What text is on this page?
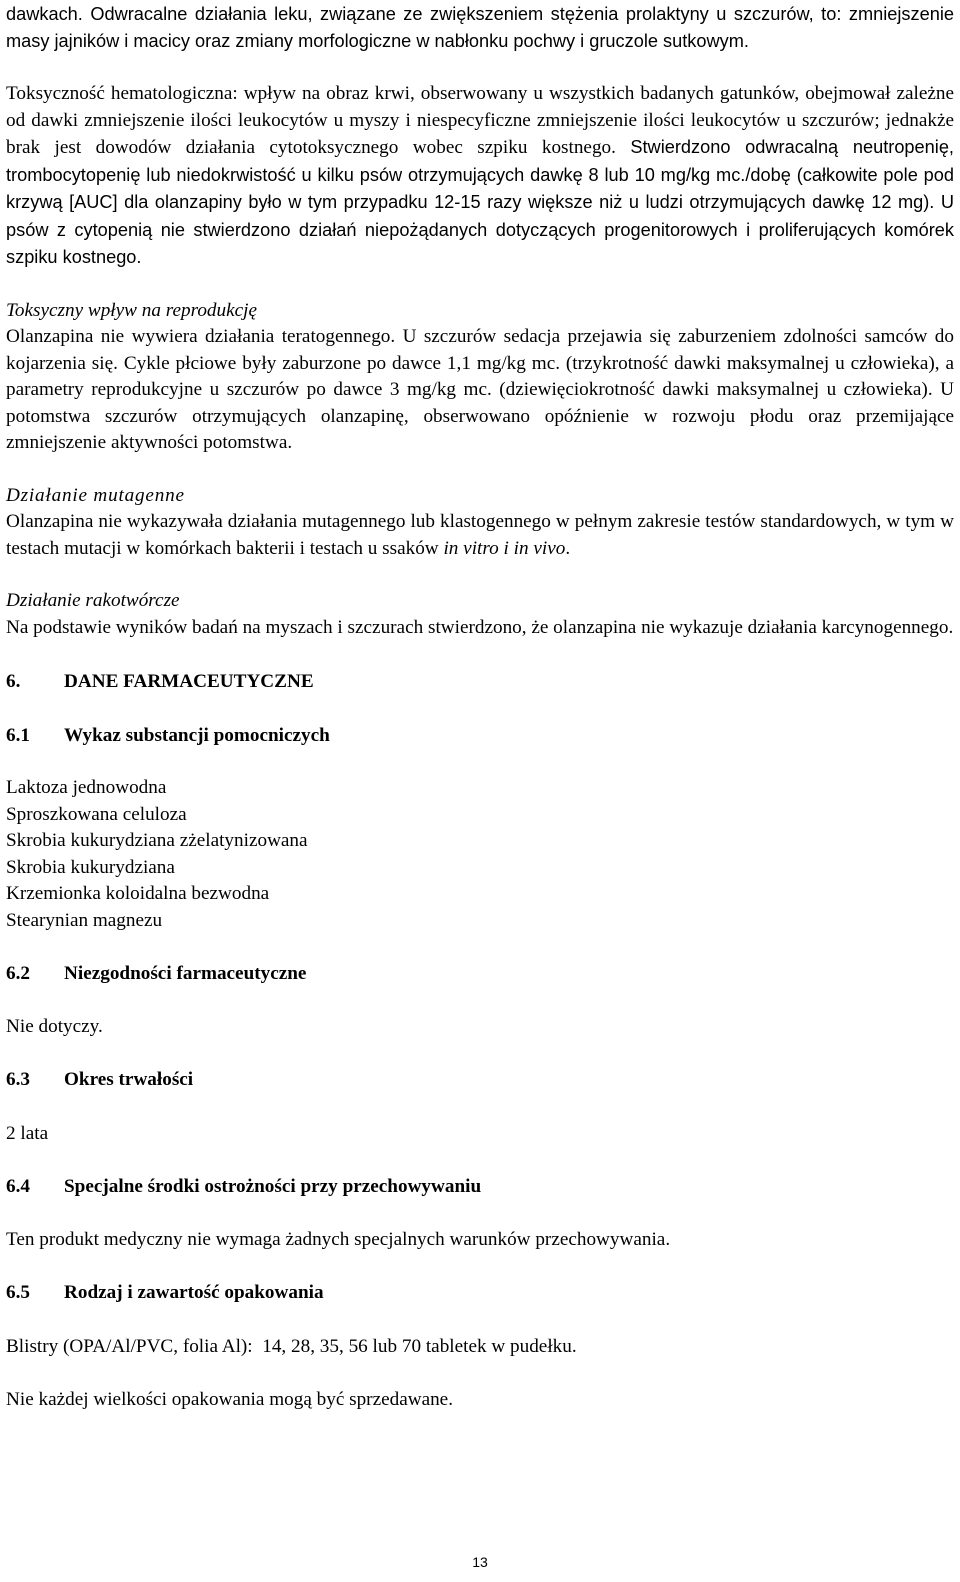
dawkach. Odwracalne działania leku, związane ze zwiększeniem stężenia prolaktyny u szczurów, to: zmniejszenie masy jajników i macicy oraz zmiany morfologiczne w nabłonku pochwy i gruczole sutkowym.

Toksyczność hematologiczna: wpływ na obraz krwi, obserwowany u wszystkich badanych gatunków, obejmował zależne od dawki zmniejszenie ilości leukocytów u myszy i niespecyficzne zmniejszenie ilości leukocytów u szczurów; jednakże brak jest dowodów działania cytotoksycznego wobec szpiku kostnego. Stwierdzono odwracalną neutropenię, trombocytopenię lub niedokrwistość u kilku psów otrzymujących dawkę 8 lub 10 mg/kg mc./dobę (całkowite pole pod krzywą [AUC] dla olanzapiny było w tym przypadku 12-15 razy większe niż u ludzi otrzymujących dawkę 12 mg). U psów z cytopenią nie stwierdzono działań niepożądanych dotyczących progenitorowych i proliferujących komórek szpiku kostnego.

Toksyczny wpływ na reprodukcję

Olanzapina nie wywiera działania teratogennego. U szczurów sedacja przejawia się zaburzeniem zdolności samców do kojarzenia się. Cykle płciowe były zaburzone po dawce 1,1 mg/kg mc. (trzykrotność dawki maksymalnej u człowieka), a parametry reprodukcyjne u szczurów po dawce 3 mg/kg mc. (dziewięciokrotność dawki maksymalnej u człowieka). U potomstwa szczurów otrzymujących olanzapinę, obserwowano opóźnienie w rozwoju płodu oraz przemijające zmniejszenie aktywności potomstwa.

Działanie mutagenne

Olanzapina nie wykazywała działania mutagennego lub klastogennego w pełnym zakresie testów standardowych, w tym w testach mutacji w komórkach bakterii i testach u ssaków in vitro i in vivo.

Działanie rakotwórcze

Na podstawie wyników badań na myszach i szczurach stwierdzono, że olanzapina nie wykazuje działania karcynogennego.

6.	DANE FARMACEUTYCZNE
6.1	Wykaz substancji pomocniczych

Laktoza jednowodna

Sproszkowana celuloza

Skrobia kukurydziana zżelatynizowana

Skrobia kukurydziana

Krzemionka koloidalna bezwodna

Stearynian magnezu

6.2	Niezgodności farmaceutyczne

Nie dotyczy.

6.3	Okres trwałości

2 lata

6.4	Specjalne środki ostrożności przy przechowywaniu

Ten produkt medyczny nie wymaga żadnych specjalnych warunków przechowywania.

6.5	Rodzaj i zawartość opakowania

Blistry (OPA/Al/PVC, folia Al):  14, 28, 35, 56 lub 70 tabletek w pudełku.

Nie każdej wielkości opakowania mogą być sprzedawane.

13
